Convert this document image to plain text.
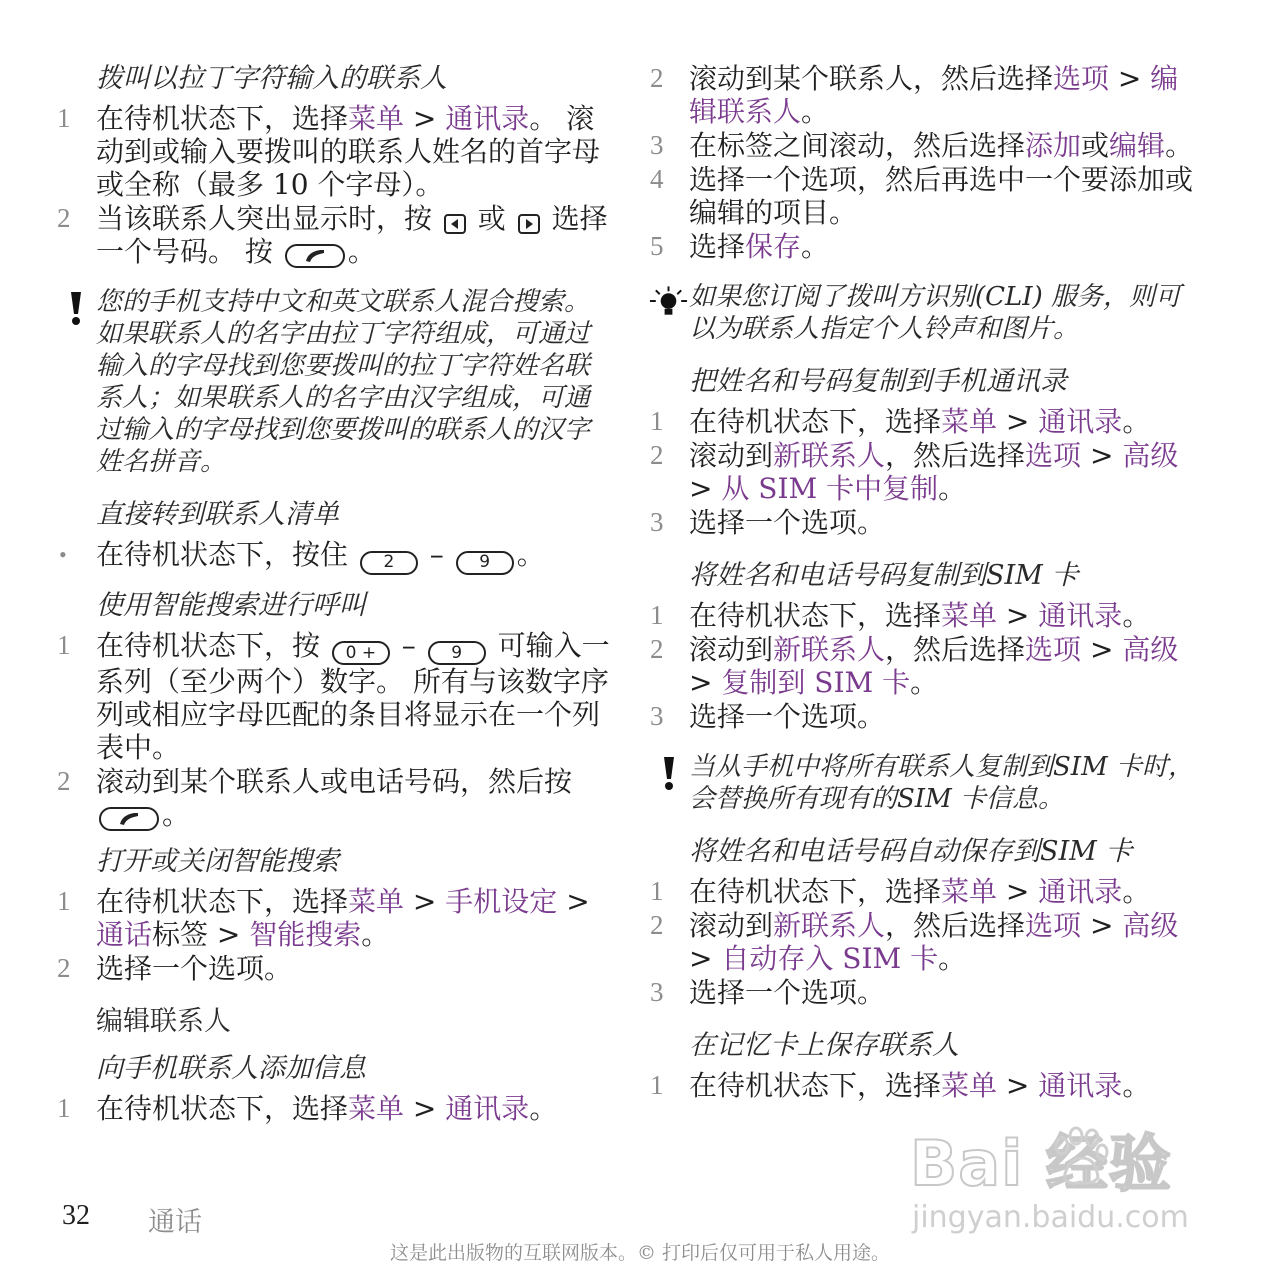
拨叫以拉丁字符输入的联系人
1 在待机状态下，选择菜单 > 通讯录。 滚动到或输入要拨叫的联系人姓名的首字母或全称（最多 10 个字母）。
2 当该联系人突出显示时，按
或
选择一个号码。 按
。
您的手机支持中文和英文联系人混合搜索。 如果联系人的名字由拉丁字符组成，可通过输入的字母找到您要拨叫的拉丁字符姓名联系人；如果联系人的名字由汉字组成，可通过输入的字母找到您要拨叫的联系人的汉字姓名拼音。
直接转到联系人清单
•	在待机状态下，按住 2 – 9 。
使用智能搜索进行呼叫
1 在待机状态下，按 0 + – 9 可输入一系列（至少两个）数字。 所有与该数字序列或相应字母匹配的条目将显示在一个列表中。
2 滚动到某个联系人或电话号码，然后按
。
打开或关闭智能搜索
1 在待机状态下，选择菜单 > 手机设定 > 通话标签 > 智能搜索。
2 选择一个选项。
编辑联系人
向手机联系人添加信息
1 在待机状态下，选择菜单 > 通讯录。
2 滚动到某个联系人，然后选择选项 > 编辑联系人。
3 在标签之间滚动，然后选择添加或编辑。
4 选择一个选项，然后再选中一个要添加或编辑的项目。
5 选择保存。
如果您订阅了拨叫方识别(CLI) 服务，则可以为联系人指定个人铃声和图片。
把姓名和号码复制到手机通讯录
1 在待机状态下，选择菜单 > 通讯录。
2 滚动到新联系人，然后选择选项 > 高级 > 从 SIM 卡中复制。
3 选择一个选项。
将姓名和电话号码复制到SIM 卡
1 在待机状态下，选择菜单 > 通讯录。
2 滚动到新联系人，然后选择选项 > 高级 > 复制到 SIM 卡。
3 选择一个选项。
当从手机中将所有联系人复制到SIM 卡时，会替换所有现有的SIM 卡信息。
将姓名和电话号码自动保存到SIM 卡
1 在待机状态下，选择菜单 > 通讯录。
2 滚动到新联系人，然后选择选项 > 高级 > 自动存入 SIM 卡。
3 选择一个选项。
在记忆卡上保存联系人
1 在待机状态下，选择菜单 > 通讯录。
Bai 经验
jingyan.baidu.com
32 通话
这是此出版物的互联网版本。© 打印后仅可用于私人用途。
